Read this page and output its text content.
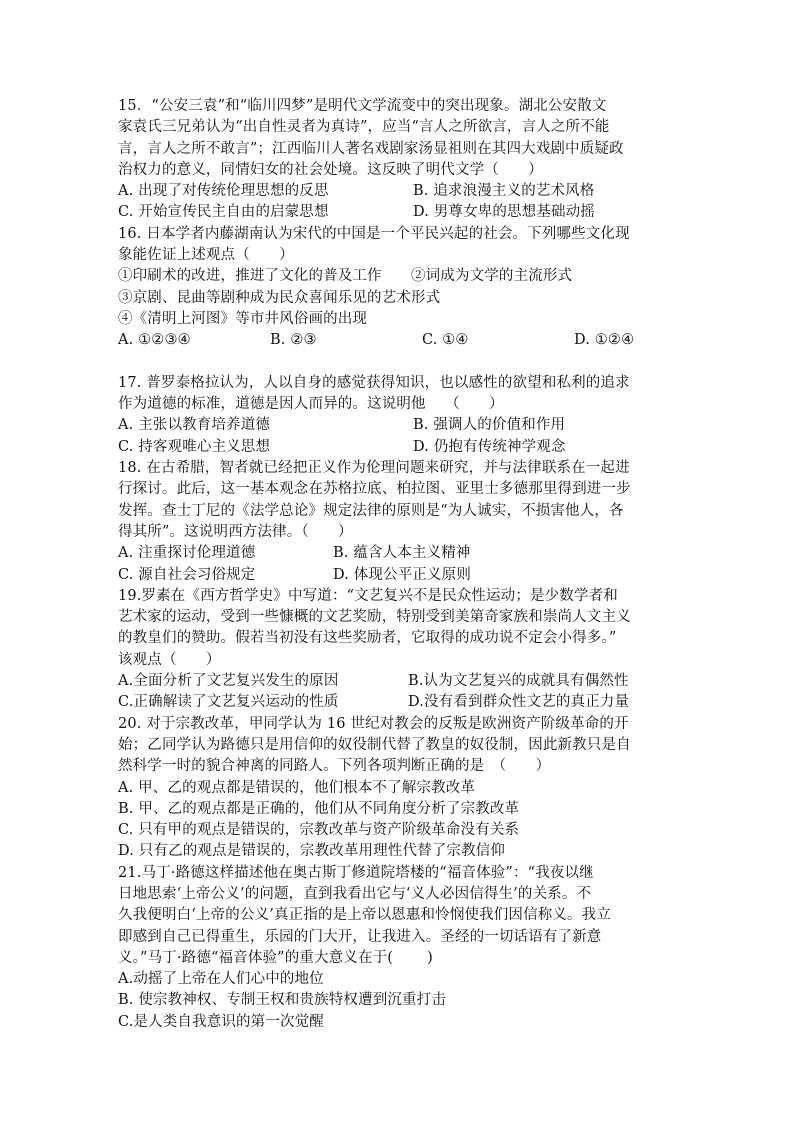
15．“公安三袁”和“临川四梦”是明代文学流变中的突出现象。湖北公安散文
家袁氏三兄弟认为“出自性灵者为真诗”，应当“言人之所欲言，言人之所不能
言，言人之所不敢言”；江西临川人著名戏剧家汤显祖则在其四大戏剧中质疑政
治权力的意义，同情妇女的社会处境。这反映了明代文学（　　）
A. 出现了对传统伦理思想的反思	B. 追求浪漫主义的艺术风格
C. 开始宣传民主自由的启蒙思想	D. 男尊女卑的思想基础动摇
16. 日本学者内藤湖南认为宋代的中国是一个平民兴起的社会。下列哪些文化现
象能佐证上述观点（　　）
①印刷术的改进，推进了文化的普及工作　　②词成为文学的主流形式
③京剧、昆曲等剧种成为民众喜闻乐见的艺术形式
④《清明上河图》等市井风俗画的出现
A. ①②③④	B. ②③	C. ①④	D. ①②④
17. 普罗泰格拉认为，人以自身的感觉获得知识，也以感性的欲望和私利的追求
作为道德的标准，道德是因人而异的。这说明他　 （　　）
A. 主张以教育培养道德	B. 强调人的价值和作用
C. 持客观唯心主义思想	D. 仍抱有传统神学观念
18. 在古希腊，智者就已经把正义作为伦理问题来研究，并与法律联系在一起进
行探讨。此后，这一基本观念在苏格拉底、柏拉图、亚里士多德那里得到进一步
发挥。查士丁尼的《法学总论》规定法律的原则是“为人诚实，不损害他人，各
得其所”。这说明西方法律。（　　）
A. 注重探讨伦理道德	B. 蕴含人本主义精神
C. 源自社会习俗规定	D. 体现公平正义原则
19.罗素在《西方哲学史》中写道：“文艺复兴不是民众性运动；是少数学者和
艺术家的运动，受到一些慷概的文艺奖励，特别受到美第奇家族和崇尚人文主义
的教皇们的赞助。假若当初没有这些奖励者，它取得的成功说不定会小得多。”
该观点（　　）
A.全面分析了文艺复兴发生的原因	B.认为文艺复兴的成就具有偶然性
C.正确解读了文艺复兴运动的性质	D.没有看到群众性文艺的真正力量
20. 对于宗教改革，甲同学认为 16 世纪对教会的反叛是欧洲资产阶级革命的开
始；乙同学认为路德只是用信仰的奴役制代替了教皇的奴役制，因此新教只是自
然科学一时的貌合神离的同路人。下列各项判断正确的是　（　　）
A. 甲、乙的观点都是错误的，他们根本不了解宗教改革
B. 甲、乙的观点都是正确的，他们从不同角度分析了宗教改革
C. 只有甲的观点是错误的，宗教改革与资产阶级革命没有关系
D. 只有乙的观点是错误的，宗教改革用理性代替了宗教信仰
21.马丁·路德这样描述他在奥古斯丁修道院塔楼的“福音体验”：“我夜以继
日地思索‘上帝公义’的问题，直到我看出它与‘义人必因信得生’的关系。不
久我便明白‘上帝的公义’真正指的是上帝以恩惠和怜悯使我们因信称义。我立
即感到自己已得重生，乐园的门大开，让我进入。圣经的一切话语有了新意
义。”马丁·路德“福音体验”的重大意义在于(　　 )
A.动摇了上帝在人们心中的地位
B. 使宗教神权、专制王权和贵族特权遭到沉重打击
C.是人类自我意识的第一次觉醒
